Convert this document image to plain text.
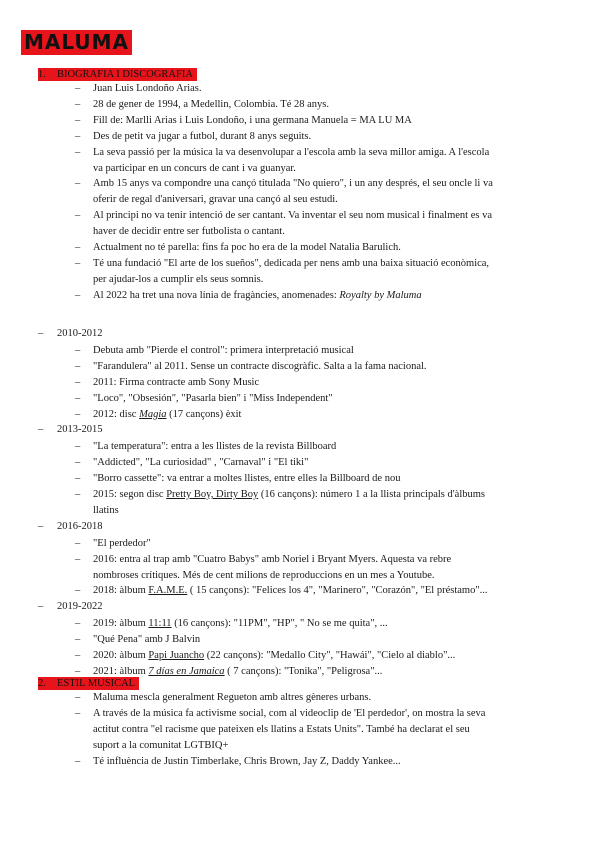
MALUMA
1. BIOGRAFIA I DISCOGRAFIA
– Juan Luis Londoño Arias.
– 28 de gener de 1994, a Medellin, Colombia. Té 28 anys.
– Fill de: Marlli Arias i Luis Londoño, i una germana Manuela = MA LU MA
– Des de petit va jugar a futbol, durant 8 anys seguits.
– La seva passió per la música la va desenvolupar a l'escola amb la seva millor amiga. A l'escola
va participar en un concurs de cant i va guanyar.
– Amb 15 anys va compondre una cançó titulada "No quiero", i un any després, el seu oncle li va
oferir de regal d'aniversari, gravar una cançó al seu estudi.
– Al principi no va tenir intenció de ser cantant. Va inventar el seu nom musical i finalment es va
haver de decidir entre ser futbolista o cantant.
– Actualment no té parella: fins fa poc ho era de la model Natalia Barulich.
– Té una fundació "El arte de los sueños", dedicada per nens amb una baixa situació econòmica,
per ajudar-los a cumplir els seus somnis.
– Al 2022 ha tret una nova línia de fragàncies, anomenades: Royalty by Maluma
– 2010-2012
– Debuta amb "Pierde el control": primera interpretació musical
– "Farandulera" al 2011. Sense un contracte discogràfic. Salta a la fama nacional.
– 2011: Firma contracte amb Sony Music
– "Loco", "Obsesión", "Pasarla bien" i "Miss Independent"
– 2012: disc Magia (17 cançons) èxit
– 2013-2015
– "La temperatura": entra a les llistes de la revista Billboard
– "Addicted", "La curiosidad" , "Carnaval" i "El tiki"
– "Borro cassette": va entrar a moltes llistes, entre elles la Billboard de nou
– 2015: segon disc Pretty Boy, Dirty Boy (16 cançons): número 1 a la llista principals d'àlbums
llatins
– 2016-2018
– "El perdedor"
– 2016: entra al trap amb "Cuatro Babys" amb Noriel i Bryant Myers. Aquesta va rebre
nombroses crítiques. Més de cent milions de reproduccions en un mes a Youtube.
– 2018: àlbum F.A.M.E. ( 15 cançons): "Felices los 4", "Marinero", "Corazón", "El préstamo"...
– 2019-2022
– 2019: àlbum 11:11 (16 cançons): "11PM", "HP", " No se me quita", ...
– "Qué Pena" amb J Balvin
– 2020: àlbum Papi Juancho (22 cançons): "Medallo City", "Hawái", "Cielo al diablo"...
– 2021: àlbum 7 días en Jamaica ( 7 cançons): "Tonika", "Peligrosa"...
– Maluma mescla generalment Regueton amb altres gèneres urbans.
– A través de la música fa activisme social, com al videoclip de 'El perdedor', on mostra la seva
actitut contra "el racisme que pateixen els llatins a Estats Units". També ha declarat el seu
suport a la comunitat LGTBIQ+
– Té influència de Justin Timberlake, Chris Brown, Jay Z, Daddy Yankee...
2. ESTIL MUSICAL
